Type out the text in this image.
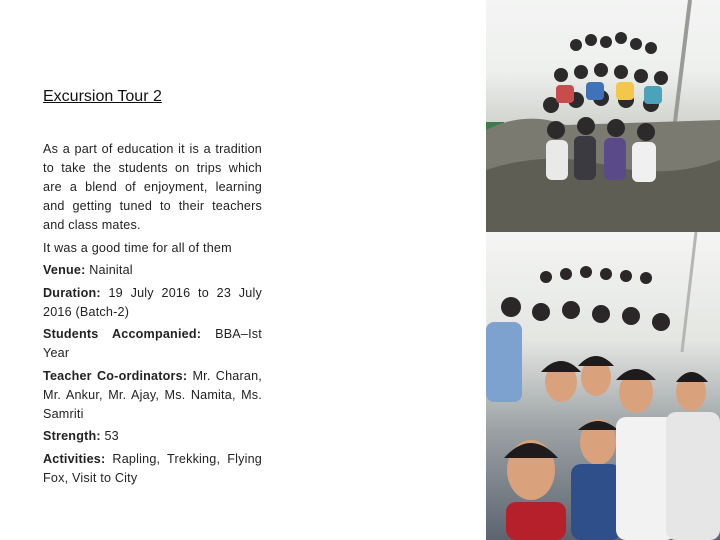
Excursion Tour 2

As a part of education it is a tradition to take the students on trips which are a blend of enjoyment, learning and getting tuned to their teachers and class mates.

It was a good time for all of them

Venue: Nainital

Duration: 19 July 2016 to 23 July 2016 (Batch-2)

Students Accompanied: BBA–Ist Year

Teacher Co-ordinators: Mr. Charan, Mr. Ankur, Mr. Ajay, Ms. Namita, Ms. Samriti

Strength: 53

Activities: Rapling, Trekking, Flying Fox, Visit to City
